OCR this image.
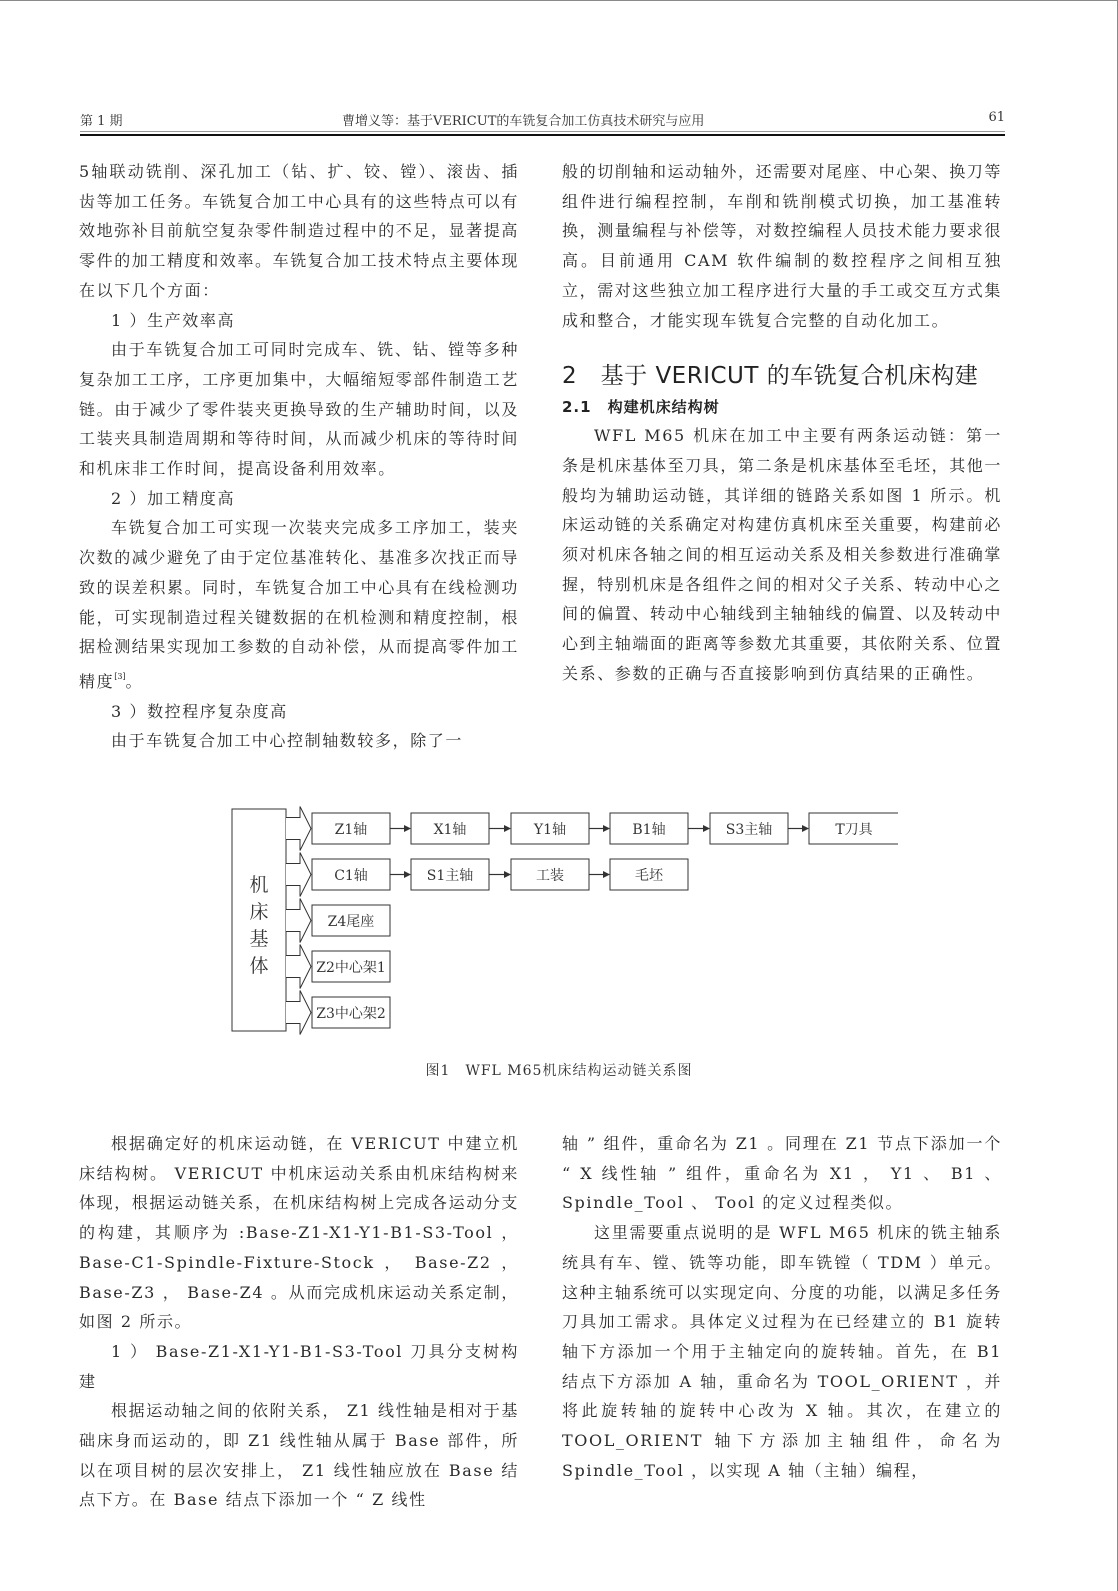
第 1 期	曹增义等：基于VERICUT的车铣复合加工仿真技术研究与应用	61

5轴联动铣削、深孔加工（钻、扩、铰、镗）、滚齿、插齿等加工任务。车铣复合加工中心具有的这些特点可以有效地弥补目前航空复杂零件制造过程中的不足，显著提高零件的加工精度和效率。车铣复合加工技术特点主要体现在以下几个方面：

1 ）生产效率高

由于车铣复合加工可同时完成车、铣、钻、镗等多种复杂加工工序，工序更加集中，大幅缩短零部件制造工艺链。由于减少了零件装夹更换导致的生产辅助时间，以及工装夹具制造周期和等待时间，从而减少机床的等待时间和机床非工作时间，提高设备利用效率。

2 ）加工精度高

车铣复合加工可实现一次装夹完成多工序加工，装夹次数的减少避免了由于定位基准转化、基准多次找正而导致的误差积累。同时，车铣复合加工中心具有在线检测功能，可实现制造过程关键数据的在机检测和精度控制，根据检测结果实现加工参数的自动补偿，从而提高零件加工精度[3]。

3 ）数控程序复杂度高

由于车铣复合加工中心控制轴数较多，除了一

般的切削轴和运动轴外，还需要对尾座、中心架、换刀等组件进行编程控制，车削和铣削模式切换，加工基准转换，测量编程与补偿等，对数控编程人员技术能力要求很高。目前通用 CAM 软件编制的数控程序之间相互独立，需对这些独立加工程序进行大量的手工或交互方式集成和整合，才能实现车铣复合完整的自动化加工。

2　基于 VERICUT 的车铣复合机床构建

2.1　构建机床结构树

WFL M65 机床在加工中主要有两条运动链：第一条是机床基体至刀具，第二条是机床基体至毛坯，其他一般均为辅助运动链，其详细的链路关系如图 1 所示。机床运动链的关系确定对构建仿真机床至关重要，构建前必须对机床各轴之间的相互运动关系及相关参数进行准确掌握，特别机床是各组件之间的相对父子关系、转动中心之间的偏置、转动中心轴线到主轴轴线的偏置、以及转动中心到主轴端面的距离等参数尤其重要，其依附关系、位置关系、参数的正确与否直接影响到仿真结果的正确性。

机
床
基
体
Z1轴	X1轴	Y1轴	B1轴	S3主轴	T刀具
C1轴	S1主轴	工装	毛坯
Z4尾座
Z2中心架1
Z3中心架2
图1　WFL M65机床结构运动链关系图

根据确定好的机床运动链，在 VERICUT 中建立机床结构树。 VERICUT 中机床运动关系由机床结构树来体现，根据运动链关系，在机床结构树上完成各运动分支的构建，其顺序为 :Base-Z1-X1-Y1-B1-S3-Tool ， Base-C1-Spindle-Fixture-Stock ， Base-Z2 ， Base-Z3 ， Base-Z4 。从而完成机床运动关系定制，如图 2 所示。

1 ） Base-Z1-X1-Y1-B1-S3-Tool 刀具分支树构建

根据运动轴之间的依附关系， Z1 线性轴是相对于基础床身而运动的，即 Z1 线性轴从属于 Base 部件，所以在项目树的层次安排上， Z1 线性轴应放在 Base 结点下方。在 Base 结点下添加一个 “ Z 线性

轴 ” 组件，重命名为 Z1 。同理在 Z1 节点下添加一个 “ X 线性轴 ” 组件，重命名为 X1 ， Y1 、 B1 、 Spindle_Tool 、 Tool 的定义过程类似。

这里需要重点说明的是 WFL M65 机床的铣主轴系统具有车、镗、铣等功能，即车铣镗（ TDM ）单元。这种主轴系统可以实现定向、分度的功能，以满足多任务刀具加工需求。具体定义过程为在已经建立的 B1 旋转轴下方添加一个用于主轴定向的旋转轴。首先，在 B1 结点下方添加 A 轴，重命名为 TOOL_ORIENT ，并将此旋转轴的旋转中心改为 X 轴。其次，在建立的 TOOL_ORIENT 轴下方添加主轴组件，命名为 Spindle_Tool ，以实现 A 轴（主轴）编程，
